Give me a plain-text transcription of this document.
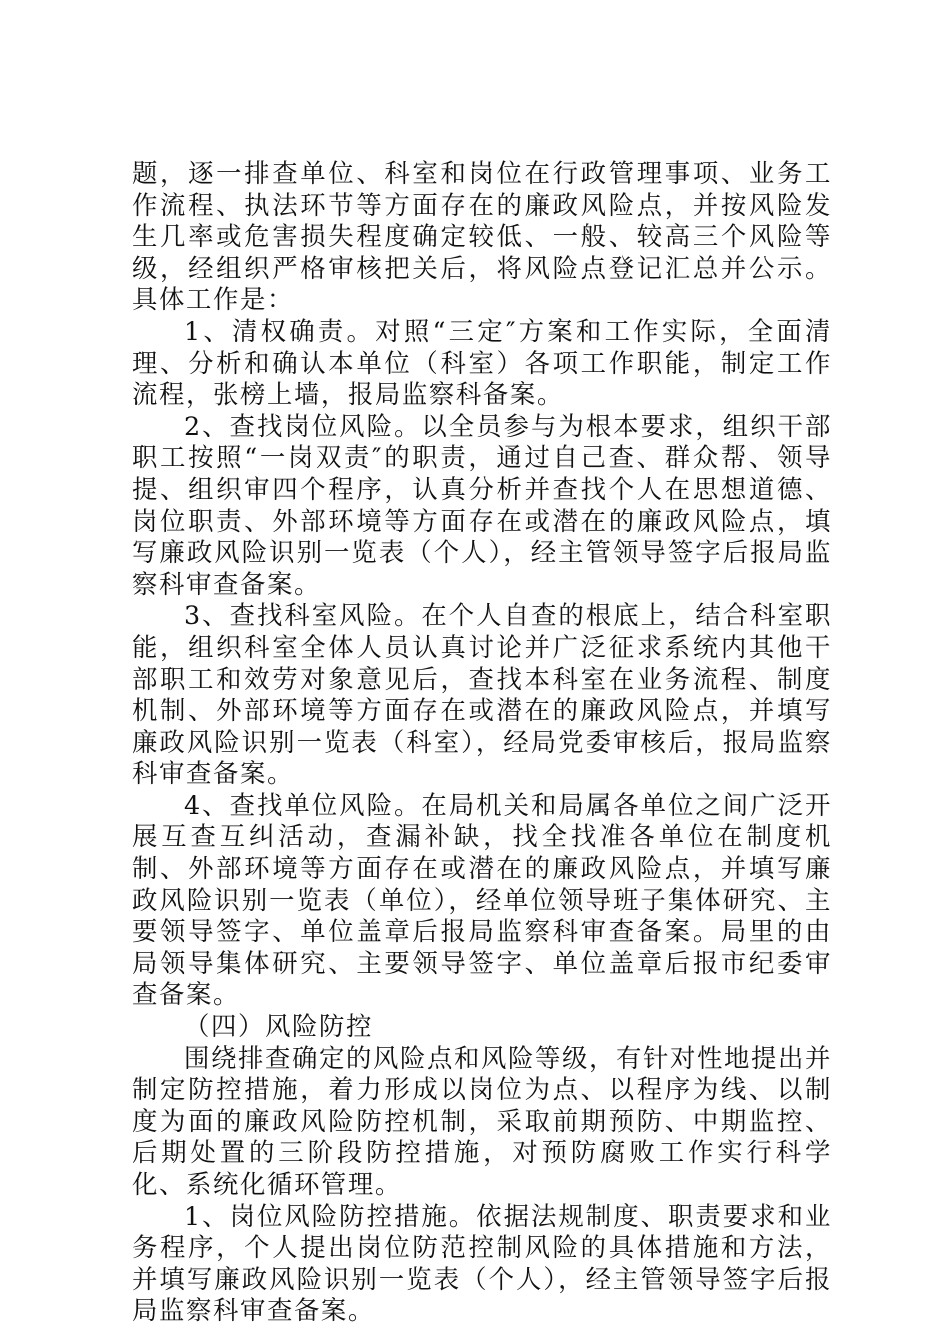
题，逐一排查单位、科室和岗位在行政管理事项、业务工作流程、执法环节等方面存在的廉政风险点，并按风险发生几率或危害损失程度确定较低、一般、较高三个风险等级，经组织严格审核把关后，将风险点登记汇总并公示。具体工作是：

1、清权确责。对照“三定″方案和工作实际，全面清理、分析和确认本单位（科室）各项工作职能，制定工作流程，张榜上墙，报局监察科备案。

2、查找岗位风险。以全员参与为根本要求，组织干部职工按照“一岗双责″的职责，通过自己查、群众帮、领导提、组织审四个程序，认真分析并查找个人在思想道德、岗位职责、外部环境等方面存在或潜在的廉政风险点，填写廉政风险识别一览表（个人），经主管领导签字后报局监察科审查备案。

3、查找科室风险。在个人自查的根底上，结合科室职能，组织科室全体人员认真讨论并广泛征求系统内其他干部职工和效劳对象意见后，查找本科室在业务流程、制度机制、外部环境等方面存在或潜在的廉政风险点，并填写廉政风险识别一览表（科室），经局党委审核后，报局监察科审查备案。

4、查找单位风险。在局机关和局属各单位之间广泛开展互查互纠活动，查漏补缺，找全找准各单位在制度机制、外部环境等方面存在或潜在的廉政风险点，并填写廉政风险识别一览表（单位），经单位领导班子集体研究、主要领导签字、单位盖章后报局监察科审查备案。局里的由局领导集体研究、主要领导签字、单位盖章后报市纪委审查备案。

（四）风险防控

围绕排查确定的风险点和风险等级，有针对性地提出并制定防控措施，着力形成以岗位为点、以程序为线、以制度为面的廉政风险防控机制，采取前期预防、中期监控、后期处置的三阶段防控措施，对预防腐败工作实行科学化、系统化循环管理。

1、岗位风险防控措施。依据法规制度、职责要求和业务程序，个人提出岗位防范控制风险的具体措施和方法，并填写廉政风险识别一览表（个人），经主管领导签字后报局监察科审查备案。
